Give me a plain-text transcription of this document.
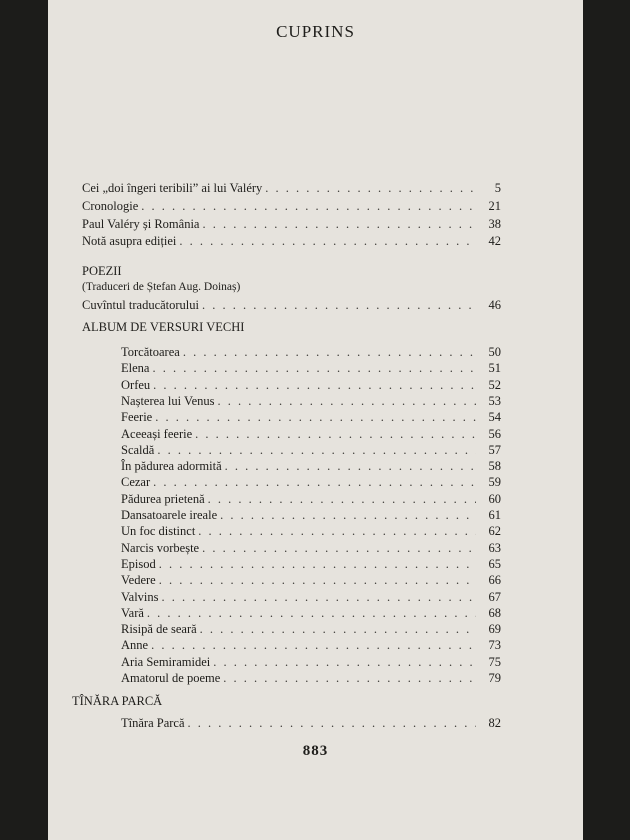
CUPRINS
Cei „doi îngeri teribili” ai lui Valéry . . .	5
Cronologie . . .	21
Paul Valéry și România . . .	38
Notă asupra ediției . . .	42
POEZII
(Traduceri de Ștefan Aug. Doinaș)
Cuvîntul traducătorului . . .	46
ALBUM DE VERSURI VECHI
Torcătoarea . . .	50
Elena . . .	51
Orfeu . . .	52
Nașterea lui Venus . . .	53
Feerie . . .	54
Aceeași feerie . . .	56
Scaldă . . .	57
În pădurea adormită . . .	58
Cezar . . .	59
Pădurea prietenă . . .	60
Dansatoarele ireale . . .	61
Un foc distinct . . .	62
Narcis vorbește . . .	63
Episod . . .	65
Vedere . . .	66
Valvins . . .	67
Vară . . .	68
Risipă de seară . . .	69
Anne . . .	73
Aria Semiramidei . . .	75
Amatorul de poeme . . .	79
TÎNĂRA PARCĂ
Tînăra Parcă . . .	82
883
